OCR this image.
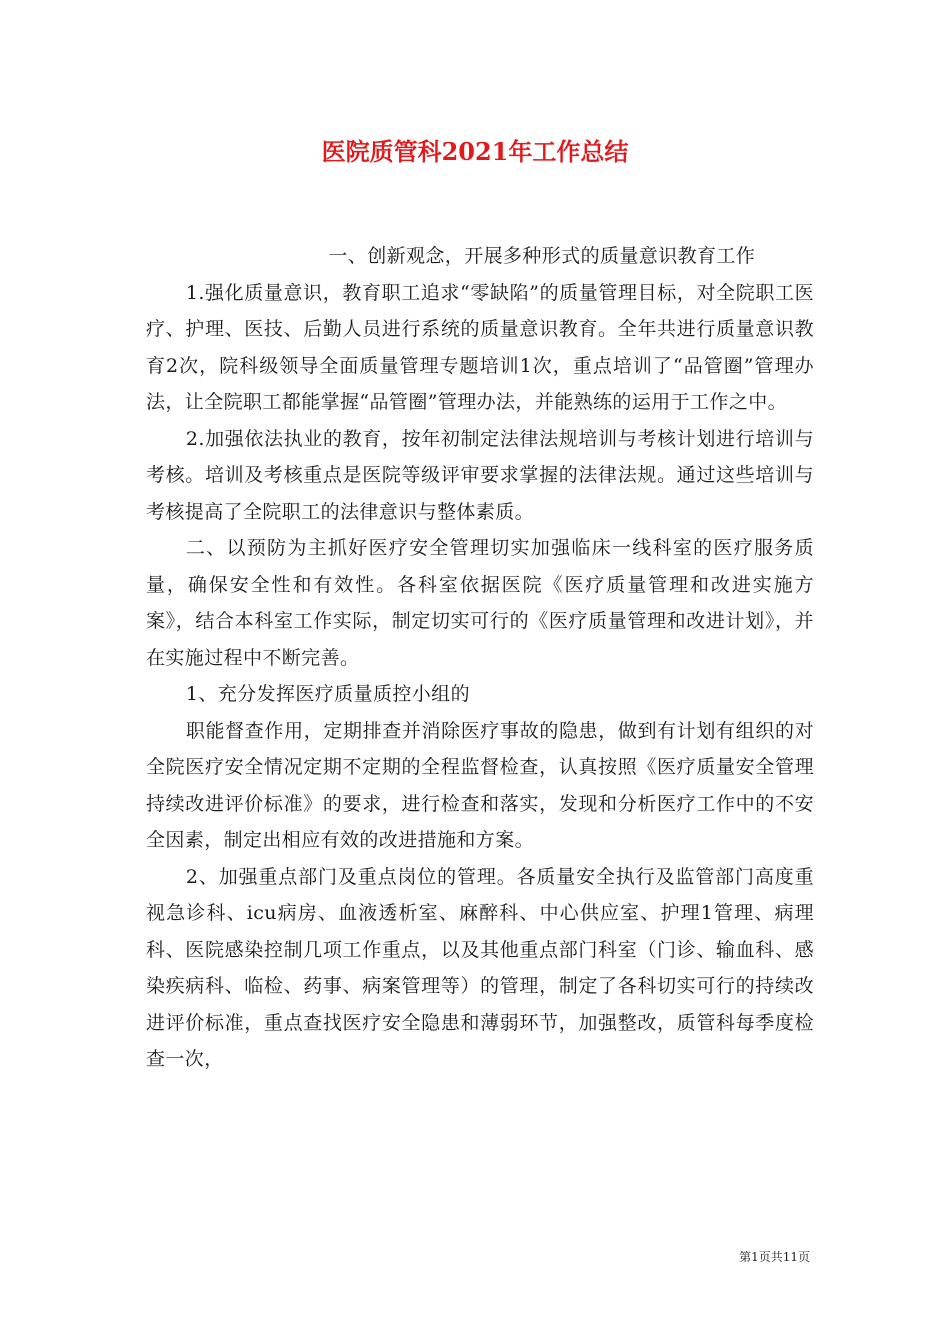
医院质管科2021年工作总结

一、创新观念，开展多种形式的质量意识教育工作

1.强化质量意识，教育职工追求“零缺陷”的质量管理目标，对全院职工医疗、护理、医技、后勤人员进行系统的质量意识教育。全年共进行质量意识教育2次，院科级领导全面质量管理专题培训1次，重点培训了“品管圈”管理办法，让全院职工都能掌握“品管圈”管理办法，并能熟练的运用于工作之中。

2.加强依法执业的教育，按年初制定法律法规培训与考核计划进行培训与考核。培训及考核重点是医院等级评审要求掌握的法律法规。通过这些培训与考核提高了全院职工的法律意识与整体素质。

二、以预防为主抓好医疗安全管理切实加强临床一线科室的医疗服务质量，确保安全性和有效性。各科室依据医院《医疗质量管理和改进实施方案》，结合本科室工作实际，制定切实可行的《医疗质量管理和改进计划》，并在实施过程中不断完善。

1、充分发挥医疗质量质控小组的

职能督查作用，定期排查并消除医疗事故的隐患，做到有计划有组织的对全院医疗安全情况定期不定期的全程监督检查，认真按照《医疗质量安全管理持续改进评价标准》的要求，进行检查和落实，发现和分析医疗工作中的不安全因素，制定出相应有效的改进措施和方案。

2、加强重点部门及重点岗位的管理。各质量安全执行及监管部门高度重视急诊科、icu病房、血液透析室、麻醉科、中心供应室、护理1管理、病理科、医院感染控制几项工作重点，以及其他重点部门科室（门诊、输血科、感染疾病科、临检、药事、病案管理等）的管理，制定了各科切实可行的持续改进评价标准，重点查找医疗安全隐患和薄弱环节，加强整改，质管科每季度检查一次，

第1页共11页
